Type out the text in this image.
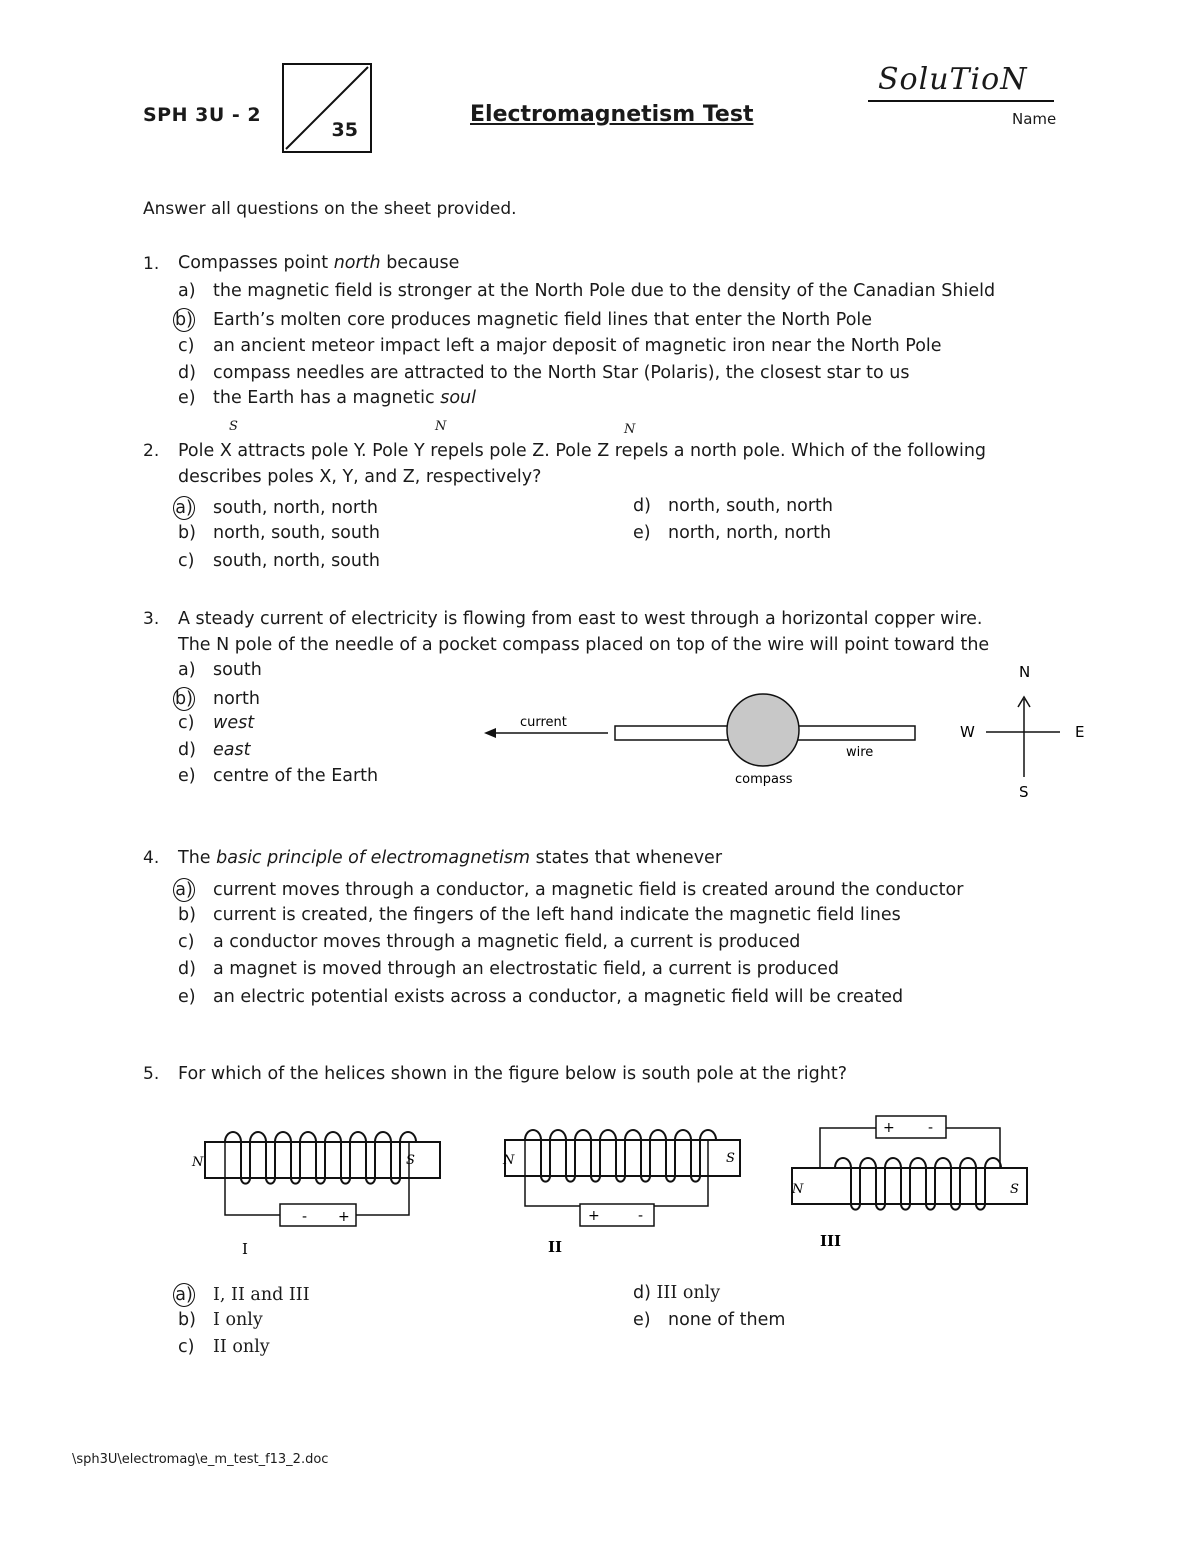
SPH 3U - 2
35
Electromagnetism Test
SoluTioN
Name
Answer all questions on the sheet provided.
1. Compasses point north because
a) the magnetic field is stronger at the North Pole due to the density of the Canadian Shield
b) Earth’s molten core produces magnetic field lines that enter the North Pole
c) an ancient meteor impact left a major deposit of magnetic iron near the North Pole
d) compass needles are attracted to the North Star (Polaris), the closest star to us
e) the Earth has a magnetic soul
S	N	N
2. Pole X attracts pole Y. Pole Y repels pole Z. Pole Z repels a north pole. Which of the following
describes poles X, Y, and Z, respectively?
a) south, north, north
b) north, south, south
c) south, north, south
d) north, south, north
e) north, north, north
3. A steady current of electricity is flowing from east to west through a horizontal copper wire.
The N pole of the needle of a pocket compass placed on top of the wire will point toward the
a) south
b) north
c) west
d) east
e) centre of the Earth
current
wire
compass
N
S
W	E
4. The basic principle of electromagnetism states that whenever
a) current moves through a conductor, a magnetic field is created around the conductor
b) current is created, the fingers of the left hand indicate the magnetic field lines
c) a conductor moves through a magnetic field, a current is produced
d) a magnet is moved through an electrostatic field, a current is produced
e) an electric potential exists across a conductor, a magnetic field will be created
5. For which of the helices shown in the figure below is south pole at the right?
- +
N	S
I
+	-
N	S
II
+ -
N	S
III
a) I, II and III
b) I only
c) II only
d) III only
e) none of them
\sph3U\electromag\e_m_test_f13_2.doc
